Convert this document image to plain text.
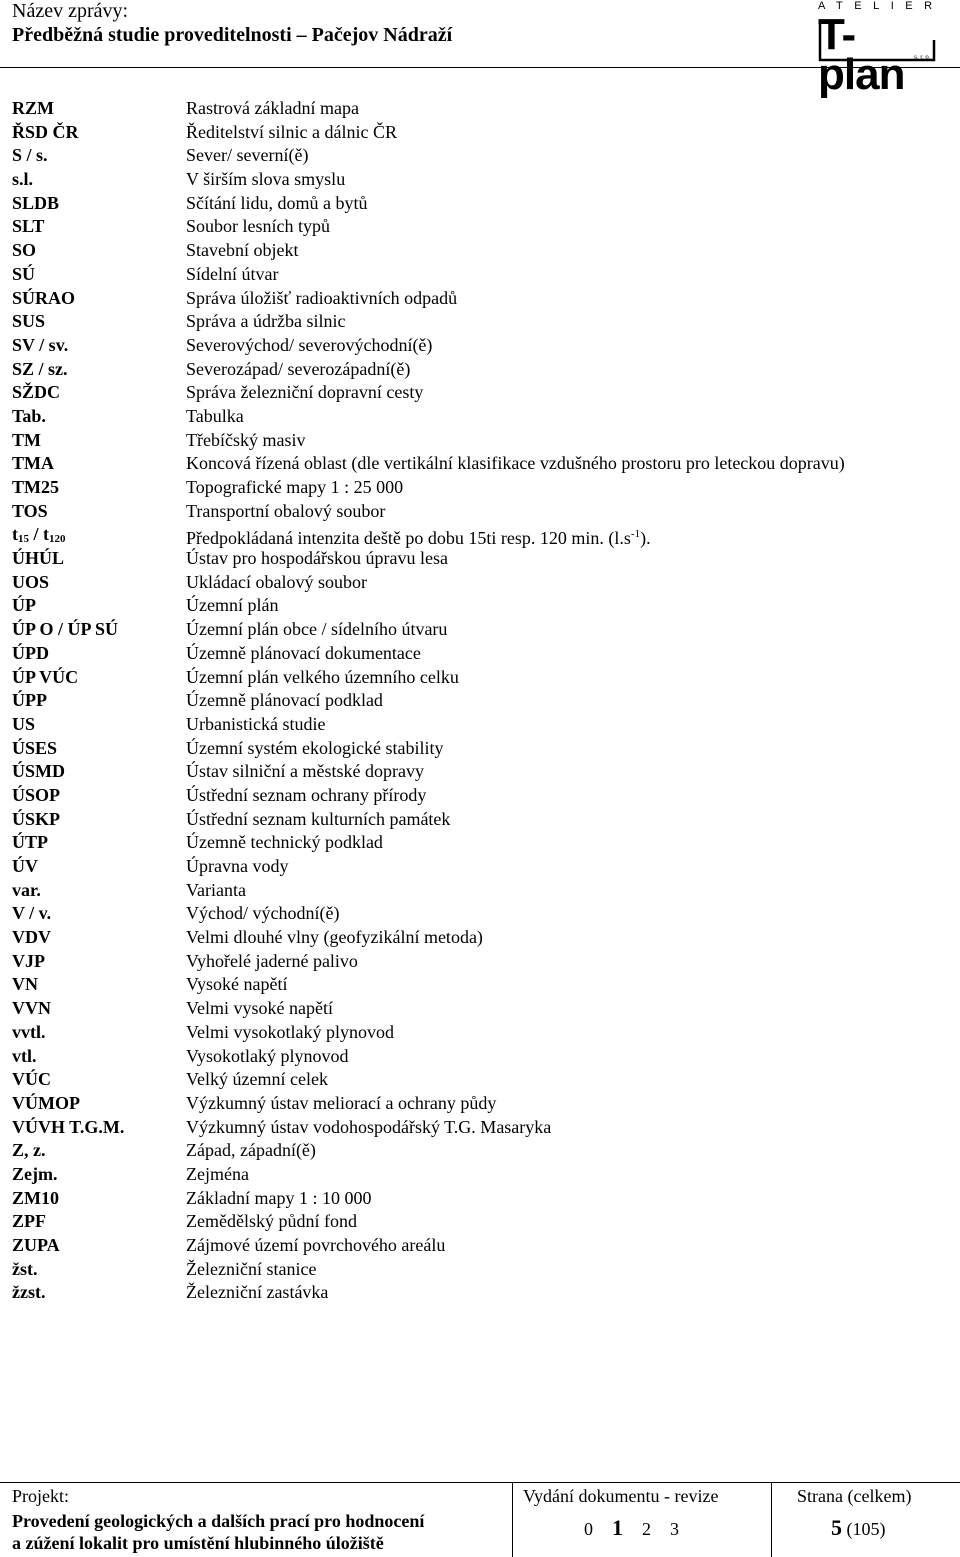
Název zprávy:
Předběžná studie proveditelnosti – Pačejov Nádraží
ATELIER
T-plan	s. r. o.
RZM	Rastrová základní mapa
ŘSD ČR	Ředitelství silnic a dálnic ČR
S / s.	Sever/ severní(ě)
s.l.	V širším slova smyslu
SLDB	Sčítání lidu, domů a bytů
SLT	Soubor lesních typů
SO	Stavební objekt
SÚ	Sídelní útvar
SÚRAO	Správa úložišť radioaktivních odpadů
SUS	Správa a údržba silnic
SV / sv.	Severovýchod/ severovýchodní(ě)
SZ / sz.	Severozápad/ severozápadní(ě)
SŽDC	Správa železniční dopravní cesty
Tab.	Tabulka
TM	Třebíčský masiv
TMA	Koncová řízená oblast (dle vertikální klasifikace vzdušného prostoru pro leteckou dopravu)
TM25	Topografické mapy 1 : 25 000
TOS	Transportní obalový soubor
t15 / t120	Předpokládaná intenzita deště po dobu 15ti resp. 120 min. $(l.s^{-1})$.
ÚHÚL	Ústav pro hospodářskou úpravu lesa
UOS	Ukládací obalový soubor
ÚP	Územní plán
ÚP O / ÚP SÚ	Územní plán obce / sídelního útvaru
ÚPD	Územně plánovací dokumentace
ÚP VÚC	Územní plán velkého územního celku
ÚPP	Územně plánovací podklad
US	Urbanistická studie
ÚSES	Územní systém ekologické stability
ÚSMD	Ústav silniční a městské dopravy
ÚSOP	Ústřední seznam ochrany přírody
ÚSKP	Ústřední seznam kulturních památek
ÚTP	Územně technický podklad
ÚV	Úpravna vody
var.	Varianta
V / v.	Východ/ východní(ě)
VDV	Velmi dlouhé vlny (geofyzikální metoda)
VJP	Vyhořelé jaderné palivo
VN	Vysoké napětí
VVN	Velmi vysoké napětí
vvtl.	Velmi vysokotlaký plynovod
vtl.	Vysokotlaký plynovod
VÚC	Velký územní celek
VÚMOP	Výzkumný ústav meliorací a ochrany půdy
VÚVH T.G.M.	Výzkumný ústav vodohospodářský T.G. Masaryka
Z, z.	Západ, západní(ě)
Zejm.	Zejména
ZM10	Základní mapy 1 : 10 000
ZPF	Zemědělský půdní fond
ZUPA	Zájmové území povrchového areálu
žst.	Železniční stanice
žzst.	Železniční zastávka
Projekt:
Provedení geologických a dalších prací pro hodnocení
a zúžení lokalit pro umístění hlubinného úložiště
Vydání dokumentu - revize
0 1 2 3
Strana (celkem)
5 (105)
